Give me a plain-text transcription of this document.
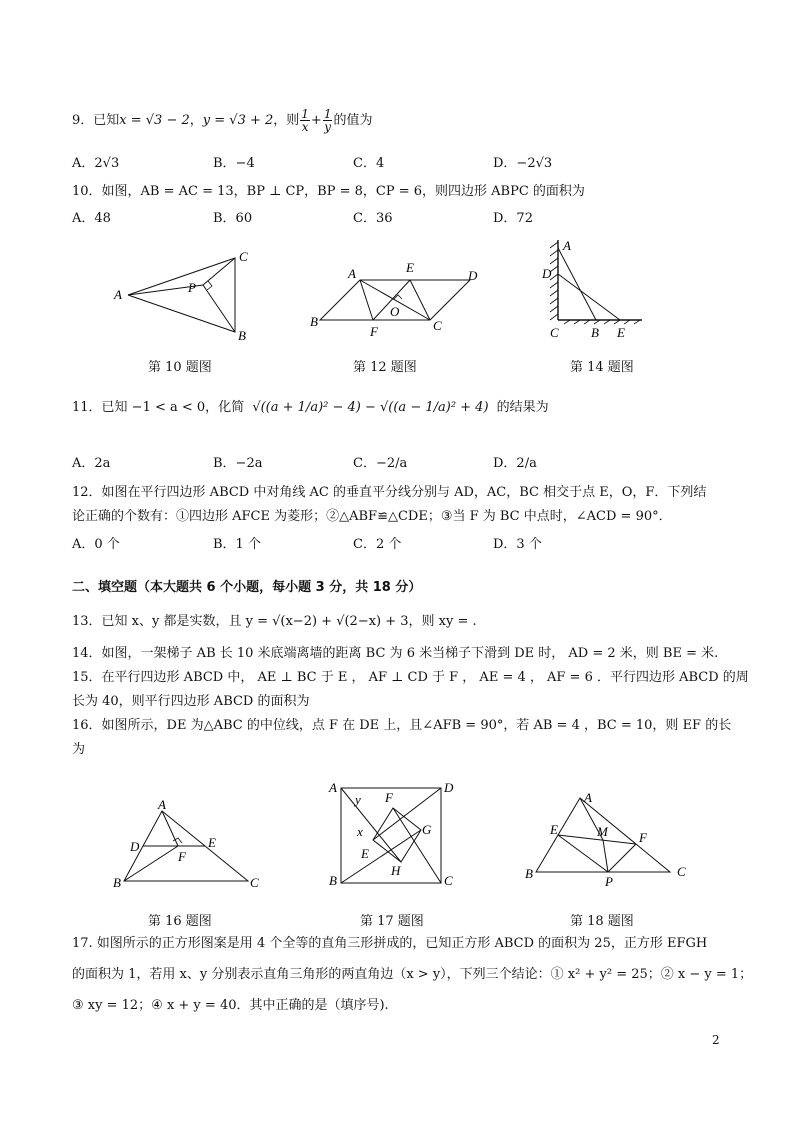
9．已知x = √3 − 2，y = √3 + 2，则 $\frac{1}{x} + \frac{1}{y}$ 的值为
A．2√3	B．−4	C．4	D．−2√3
10．如图，AB = AC = 13，BP ⊥ CP，BP = 8，CP = 6，则四边形 ABPC 的面积为
A．48	B．60	C．36	D．72
A
B
C
P
A	E
D
O
B
F	C
A
D
C B E
第 10 题图	第 12 题图	第 14 题图
11．已知 −1 < a < 0，化简 √((a + 1/a)² − 4) − √((a − 1/a)² + 4) 的结果为
A．2a	B．−2a	C．−2/a	D．2/a
12．如图在平行四边形 ABCD 中对角线 AC 的垂直平分线分别与 AD，AC，BC 相交于点 E，O，F．下列结
论正确的个数有：①四边形 AFCE 为菱形；②△ABF≌△CDE；③当 F 为 BC 中点时，∠ACD = 90°．
A．0 个	B．1 个	C．2 个	D．3 个
二、填空题（本大题共 6 个小题，每小题 3 分，共 18 分）
13．已知 x、y 都是实数，且 y = √(x−2) + √(2−x) + 3，则 xy = .
14．如图，一架梯子 AB 长 10 米底端离墙的距离 BC 为 6 米当梯子下滑到 DE 时， AD = 2 米，则 BE = 米.
15．在平行四边形 ABCD 中， AE ⊥ BC 于 E ， AF ⊥ CD 于 F ， AE = 4 ， AF = 6 ．平行四边形 ABCD 的周
长为 40，则平行四边形 ABCD 的面积为
16．如图所示，DE 为△ABC 的中位线，点 F 在 DE 上，且∠AFB = 90°，若 AB = 4 ，BC = 10，则 EF 的长
为
A
D	E
F
B	C
A	D
B	C
F
G
H
E
x
y	A
E	M F
B
P
C
第 16 题图	第 17 题图	第 18 题图
17. 如图所示的正方形图案是用 4 个全等的直角三形拼成的，已知正方形 ABCD 的面积为 25，正方形 EFGH
的面积为 1，若用 x、y 分别表示直角三角形的两直角边（x > y），下列三个结论：① x² + y² = 25；② x − y = 1；
③ xy = 12；④ x + y = 40．其中正确的是（填序号).
2
